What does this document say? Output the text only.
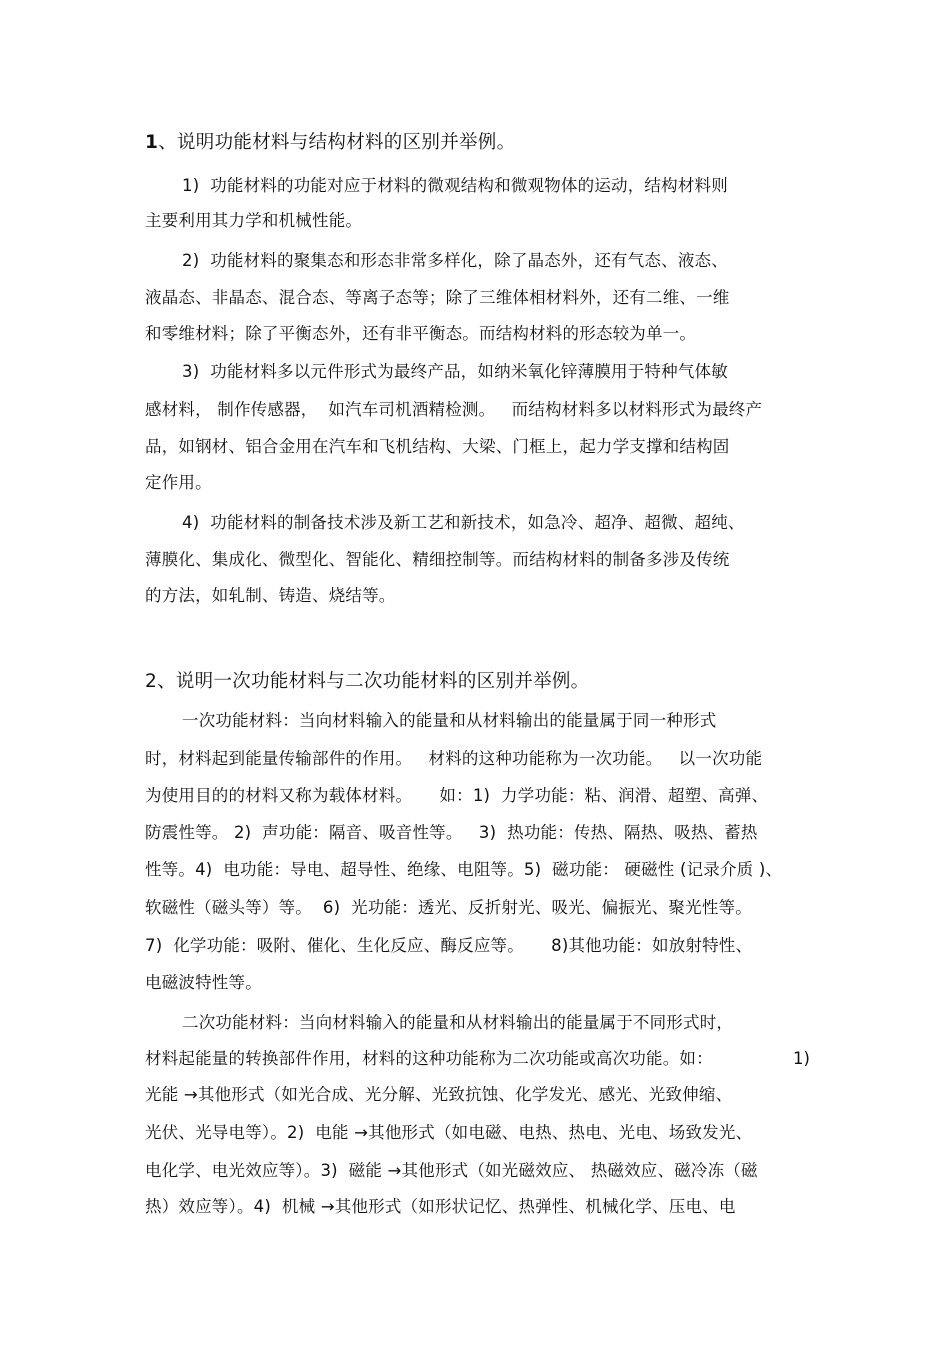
1、说明功能材料与结构材料的区别并举例。
1)  功能材料的功能对应于材料的微观结构和微观物体的运动，结构材料则
主要利用其力学和机械性能。
2)  功能材料的聚集态和形态非常多样化，除了晶态外，还有气态、液态、
液晶态、非晶态、混合态、等离子态等；除了三维体相材料外，还有二维、一维
和零维材料；除了平衡态外，还有非平衡态。而结构材料的形态较为单一。
3)  功能材料多以元件形式为最终产品，如纳米氧化锌薄膜用于特种气体敏
感材料， 制作传感器，  如汽车司机酒精检测。   而结构材料多以材料形式为最终产
品，如钢材、铝合金用在汽车和飞机结构、大梁、门框上，起力学支撑和结构固
定作用。
4)  功能材料的制备技术涉及新工艺和新技术，如急冷、超净、超微、超纯、
薄膜化、集成化、微型化、智能化、精细控制等。而结构材料的制备多涉及传统
的方法，如轧制、铸造、烧结等。
2、说明一次功能材料与二次功能材料的区别并举例。
一次功能材料：当向材料输入的能量和从材料输出的能量属于同一种形式
时，材料起到能量传输部件的作用。   材料的这种功能称为一次功能。   以一次功能
为使用目的的材料又称为载体材料。     如：1)  力学功能：粘、润滑、超塑、高弹、
防震性等。 2)  声功能：隔音、吸音性等。   3)  热功能：传热、隔热、吸热、蓄热
性等。4)  电功能：导电、超导性、绝缘、电阻等。5)  磁功能： 硬磁性 (记录介质 )、
软磁性（磁头等）等。  6)  光功能：透光、反折射光、吸光、偏振光、聚光性等。
7)  化学功能：吸附、催化、生化反应、酶反应等。     8)其他功能：如放射特性、
电磁波特性等。
二次功能材料：当向材料输入的能量和从材料输出的能量属于不同形式时，
材料起能量的转换部件作用，材料的这种功能称为二次功能或高次功能。如：	1)
光能 →其他形式（如光合成、光分解、光致抗蚀、化学发光、感光、光致伸缩、
光伏、光导电等）。2)  电能 →其他形式（如电磁、电热、热电、光电、场致发光、
电化学、电光效应等）。3)  磁能 →其他形式（如光磁效应、 热磁效应、磁冷冻（磁
热）效应等）。4)  机械 →其他形式（如形状记忆、热弹性、机械化学、压电、电
